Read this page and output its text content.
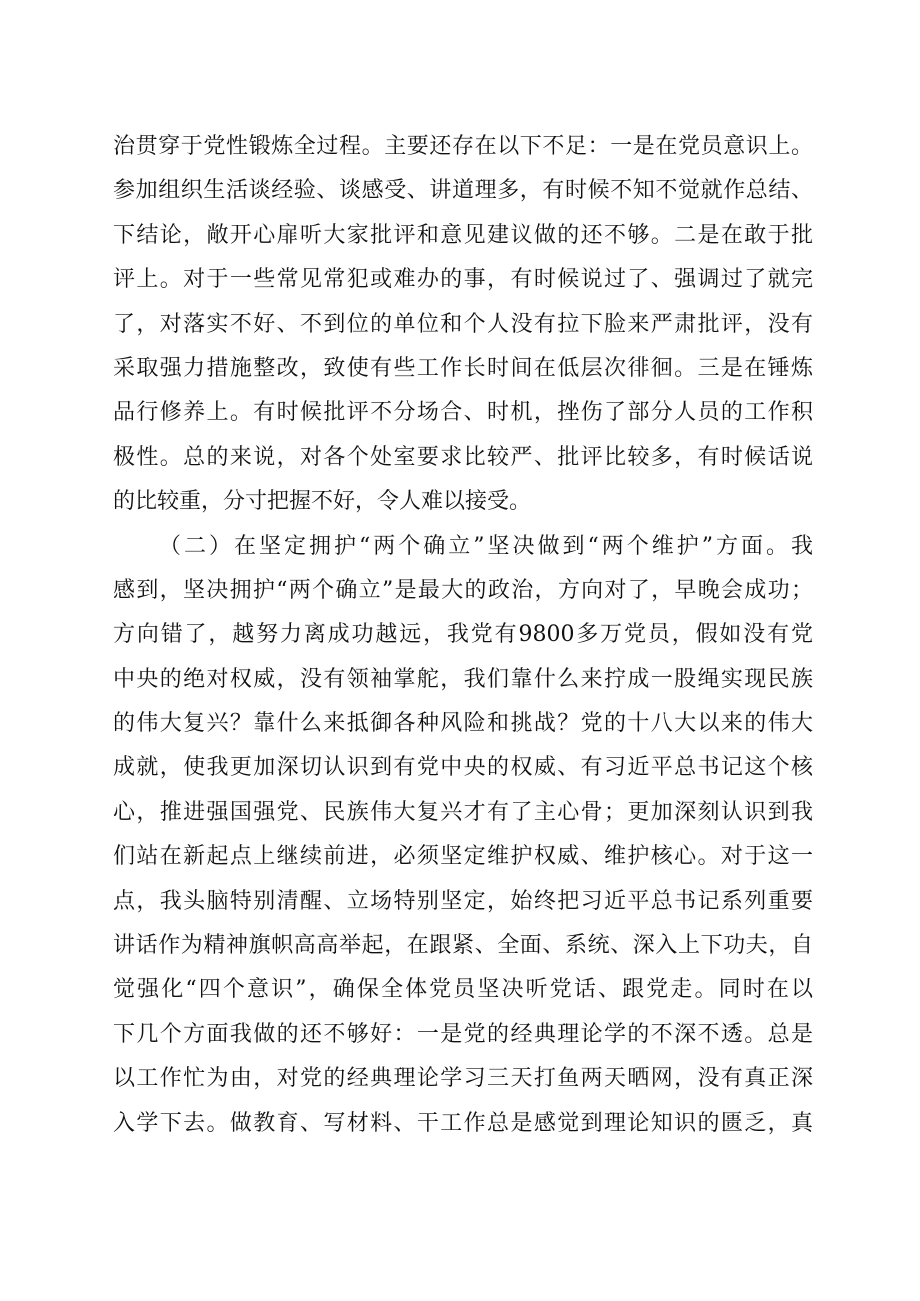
治贯穿于党性锻炼全过程。主要还存在以下不足：一是在党员意识上。
参加组织生活谈经验、谈感受、讲道理多，有时候不知不觉就作总结、
下结论，敞开心扉听大家批评和意见建议做的还不够。二是在敢于批
评上。对于一些常见常犯或难办的事，有时候说过了、强调过了就完
了，对落实不好、不到位的单位和个人没有拉下脸来严肃批评，没有
采取强力措施整改，致使有些工作长时间在低层次徘徊。三是在锤炼
品行修养上。有时候批评不分场合、时机，挫伤了部分人员的工作积
极性。总的来说，对各个处室要求比较严、批评比较多，有时候话说
的比较重，分寸把握不好，令人难以接受。
（二）在坚定拥护“两个确立”坚决做到“两个维护”方面。我
感到，坚决拥护“两个确立”是最大的政治，方向对了，早晚会成功；
方向错了，越努力离成功越远，我党有9800多万党员，假如没有党
中央的绝对权威，没有领袖掌舵，我们靠什么来拧成一股绳实现民族
的伟大复兴？靠什么来抵御各种风险和挑战？党的十八大以来的伟大
成就，使我更加深切认识到有党中央的权威、有习近平总书记这个核
心，推进强国强党、民族伟大复兴才有了主心骨；更加深刻认识到我
们站在新起点上继续前进，必须坚定维护权威、维护核心。对于这一
点，我头脑特别清醒、立场特别坚定，始终把习近平总书记系列重要
讲话作为精神旗帜高高举起，在跟紧、全面、系统、深入上下功夫，自
觉强化“四个意识”，确保全体党员坚决听党话、跟党走。同时在以
下几个方面我做的还不够好：一是党的经典理论学的不深不透。总是
以工作忙为由，对党的经典理论学习三天打鱼两天晒网，没有真正深
入学下去。做教育、写材料、干工作总是感觉到理论知识的匮乏，真
